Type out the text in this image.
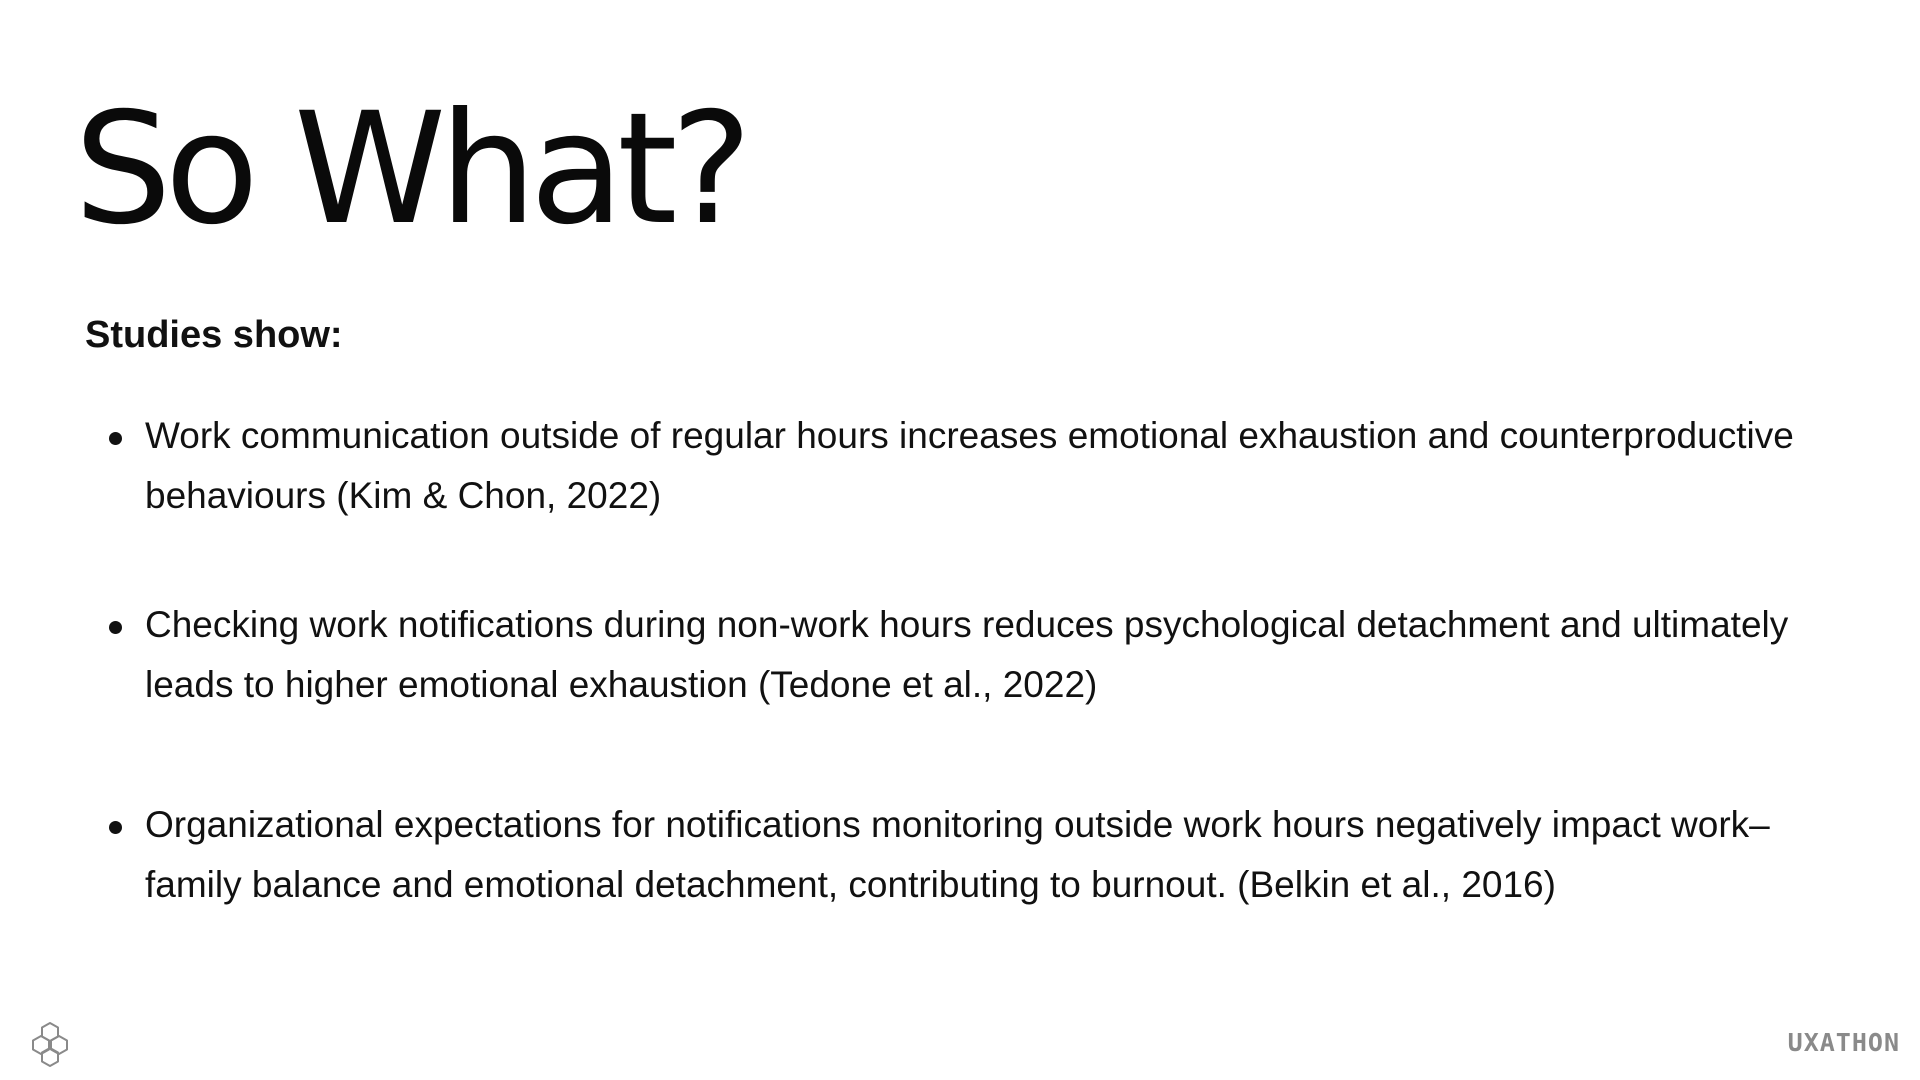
So What?
Studies show:
Work communication outside of regular hours increases emotional exhaustion and counterproductive behaviours (Kim & Chon, 2022)
Checking work notifications during non-work hours reduces psychological detachment and ultimately leads to higher emotional exhaustion (Tedone et al., 2022)
Organizational expectations for notifications monitoring outside work hours negatively impact work–family balance and emotional detachment, contributing to burnout. (Belkin et al., 2016)
UXATHON
